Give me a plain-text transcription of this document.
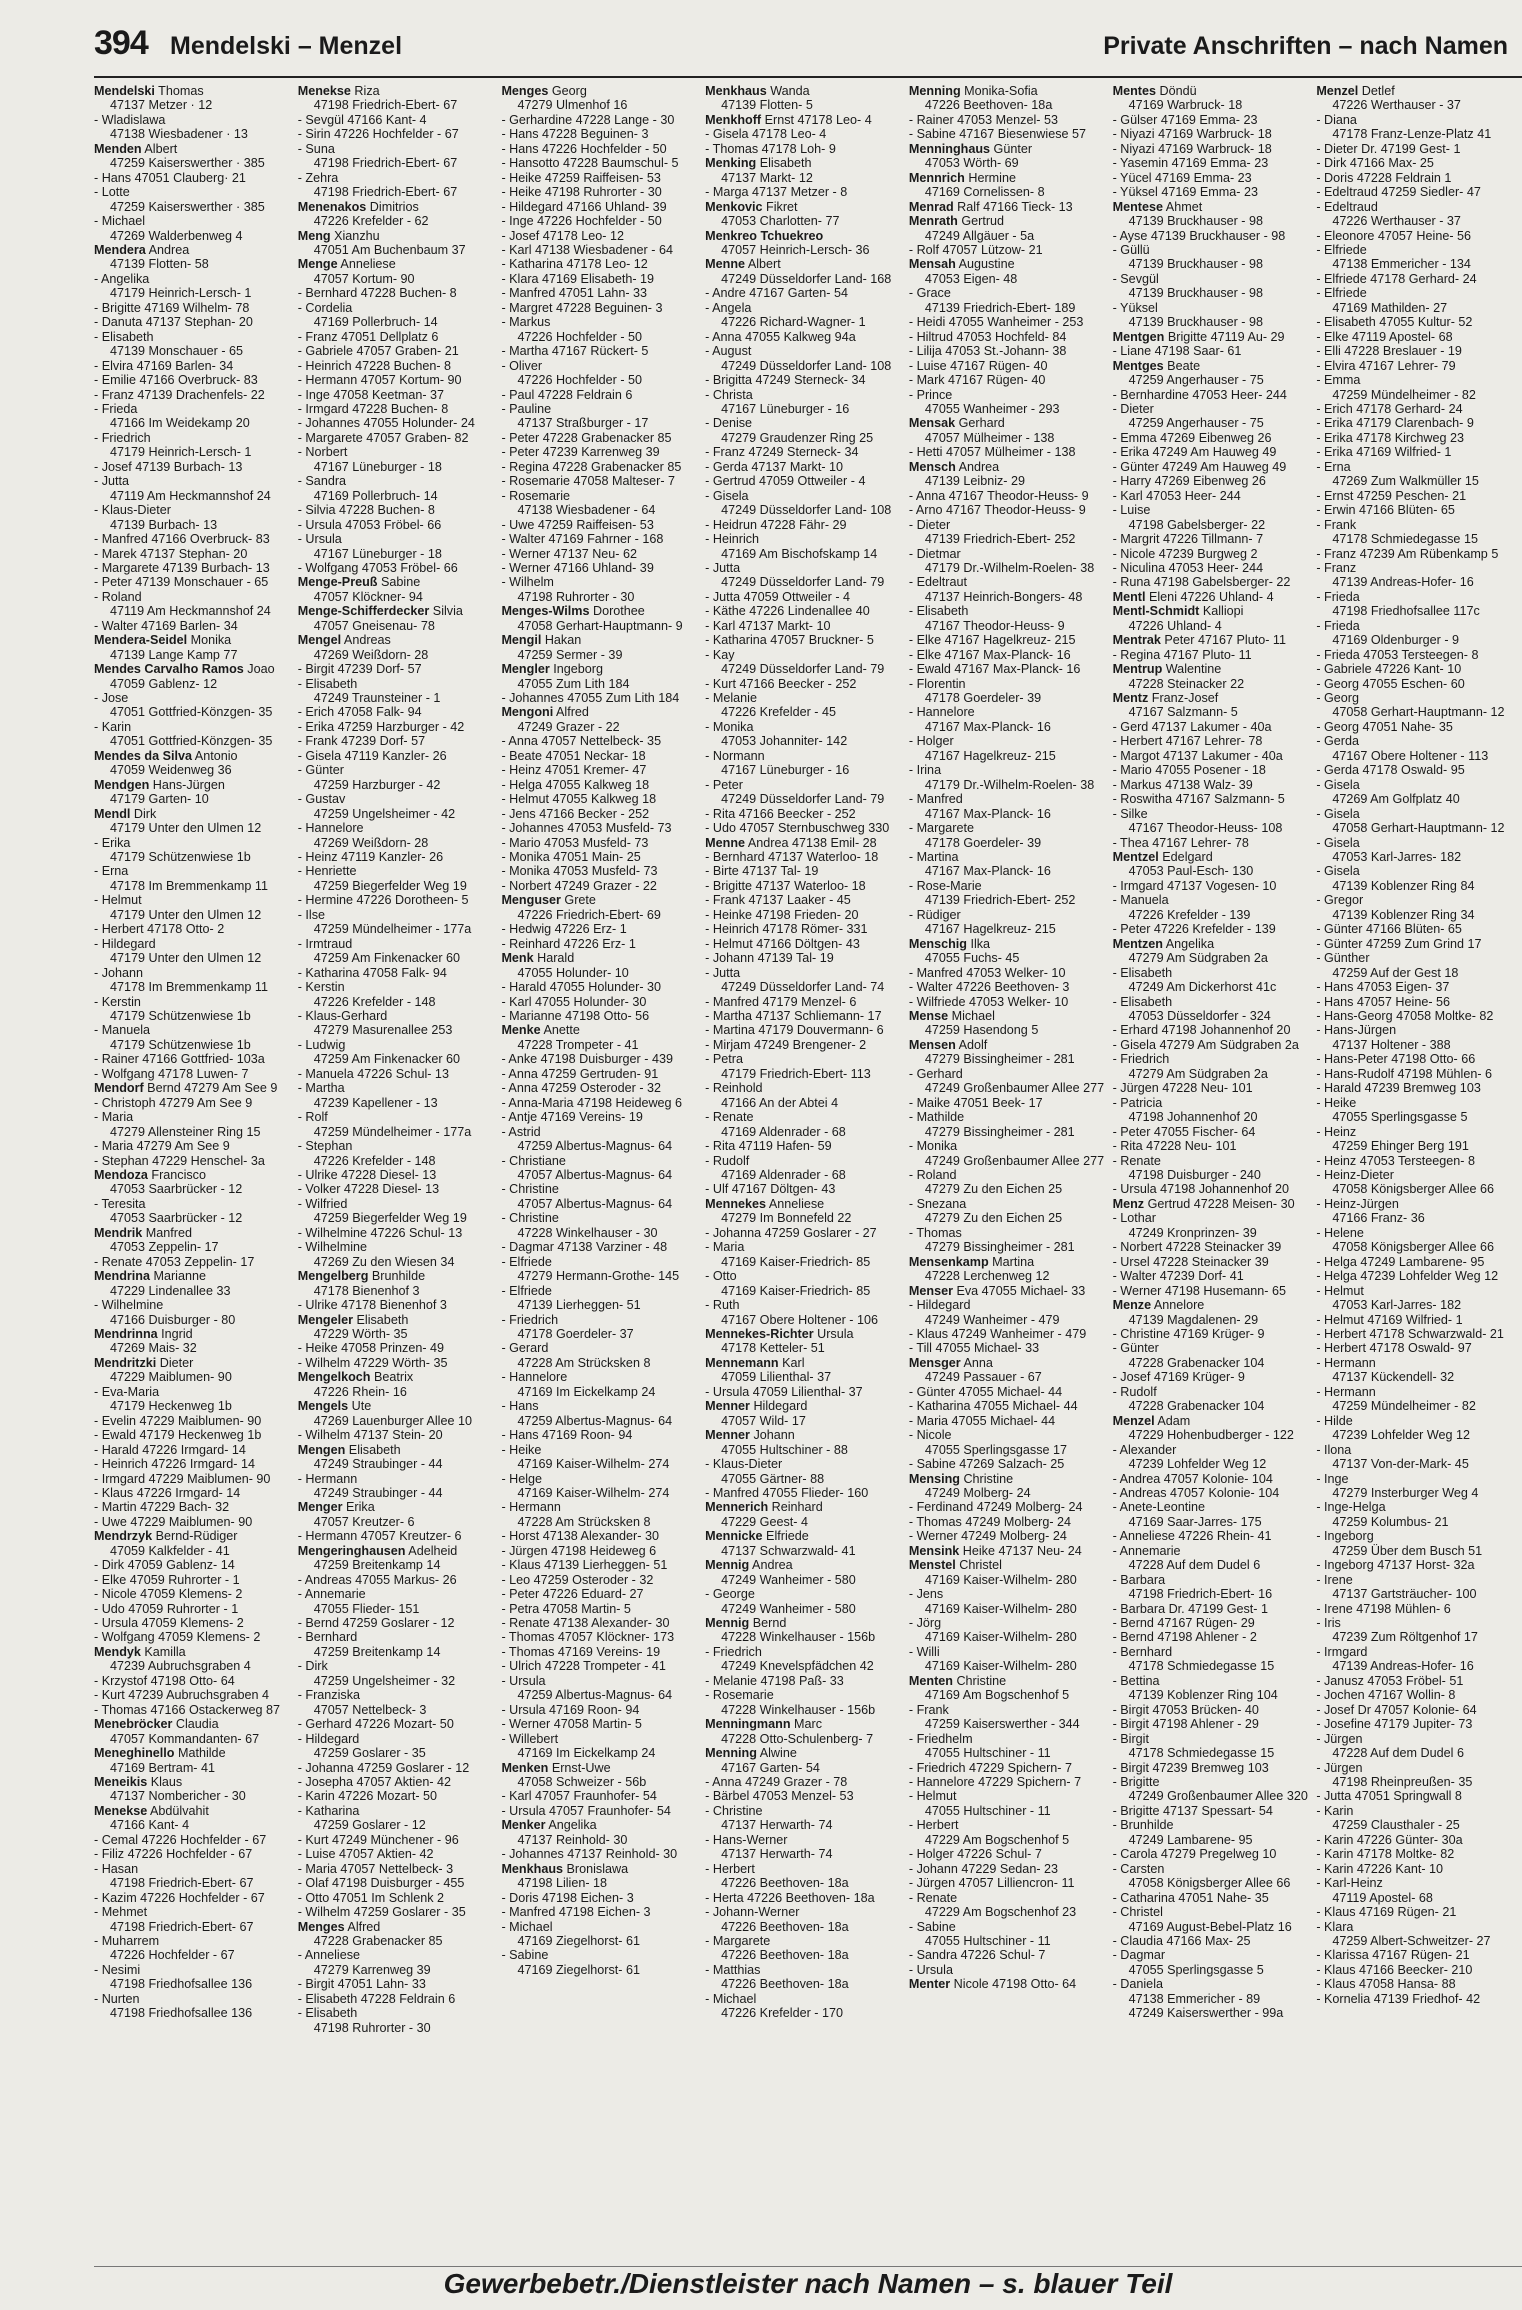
394 Mendelski – Menzel	Private Anschriften – nach Namen
Mendelski Thomas
47137 Metzer · 12
- Wladislawa
47138 Wiesbadener · 13
Menden Albert
47259 Kaiserswerther · 385
- Hans 47051 Clauberg· 21
- Lotte
47259 Kaiserswerther · 385
- Michael
47269 Walderbenweg 4
Mendera Andrea
47139 Flotten- 58
- Angelika
47179 Heinrich-Lersch- 1
- Brigitte 47169 Wilhelm- 78
- Danuta 47137 Stephan- 20
- Elisabeth
47139 Monschauer - 65
- Elvira 47169 Barlen- 34
- Emilie 47166 Overbruck- 83
- Franz 47139 Drachenfels- 22
- Frieda
47166 Im Weidekamp 20
- Friedrich
47179 Heinrich-Lersch- 1
- Josef 47139 Burbach- 13
- Jutta
47119 Am Heckmannshof 24
- Klaus-Dieter
47139 Burbach- 13
- Manfred 47166 Overbruck- 83
- Marek 47137 Stephan- 20
- Margarete 47139 Burbach- 13
- Peter 47139 Monschauer - 65
- Roland
47119 Am Heckmannshof 24
- Walter 47169 Barlen- 34
Mendera-Seidel Monika
47139 Lange Kamp 77
Mendes Carvalho Ramos Joao
47059 Gablenz- 12
- Jose
47051 Gottfried-Könzgen- 35
- Karin
47051 Gottfried-Könzgen- 35
Mendes da Silva Antonio
47059 Weidenweg 36
Mendgen Hans-Jürgen
47179 Garten- 10
Mendl Dirk
47179 Unter den Ulmen 12
- Erika
47179 Schützenwiese 1b
- Erna
47178 Im Bremmenkamp 11
- Helmut
47179 Unter den Ulmen 12
- Herbert 47178 Otto- 2
- Hildegard
47179 Unter den Ulmen 12
- Johann
47178 Im Bremmenkamp 11
- Kerstin
47179 Schützenwiese 1b
- Manuela
47179 Schützenwiese 1b
- Rainer 47166 Gottfried- 103a
- Wolfgang 47178 Luwen- 7
Mendorf Bernd 47279 Am See 9
- Christoph 47279 Am See 9
- Maria
47279 Allensteiner Ring 15
- Maria 47279 Am See 9
- Stephan 47229 Henschel- 3a
Mendoza Francisco
47053 Saarbrücker - 12
- Teresita
47053 Saarbrücker - 12
Mendrik Manfred
47053 Zeppelin- 17
- Renate 47053 Zeppelin- 17
Mendrina Marianne
47229 Lindenallee 33
- Wilhelmine
47166 Duisburger - 80
Mendrinna Ingrid
47269 Mais- 32
Mendritzki Dieter
47229 Maiblumen- 90
- Eva-Maria
47179 Heckenweg 1b
- Evelin 47229 Maiblumen- 90
- Ewald 47179 Heckenweg 1b
- Harald 47226 Irmgard- 14
- Heinrich 47226 Irmgard- 14
- Irmgard 47229 Maiblumen- 90
- Klaus 47226 Irmgard- 14
- Martin 47229 Bach- 32
- Uwe 47229 Maiblumen- 90
Mendrzyk Bernd-Rüdiger
47059 Kalkfelder - 41
- Dirk 47059 Gablenz- 14
- Elke 47059 Ruhrorter - 1
- Nicole 47059 Klemens- 2
- Udo 47059 Ruhrorter - 1
- Ursula 47059 Klemens- 2
- Wolfgang 47059 Klemens- 2
Mendyk Kamilla
47239 Aubruchsgraben 4
- Krzystof 47198 Otto- 64
- Kurt 47239 Aubruchsgraben 4
- Thomas 47166 Ostackerweg 87
Menebröcker Claudia
47057 Kommandanten- 67
Meneghinello Mathilde
47169 Bertram- 41
Meneikis Klaus
47137 Nombericher - 30
Menekse Abdülvahit
47166 Kant- 4
- Cemal 47226 Hochfelder - 67
- Filiz 47226 Hochfelder - 67
- Hasan
47198 Friedrich-Ebert- 67
- Kazim 47226 Hochfelder - 67
- Mehmet
47198 Friedrich-Ebert- 67
- Muharrem
47226 Hochfelder - 67
- Nesimi
47198 Friedhofsallee 136
- Nurten
47198 Friedhofsallee 136
Menekse Riza
47198 Friedrich-Ebert- 67
- Sevgül 47166 Kant- 4
- Sirin 47226 Hochfelder - 67
- Suna
47198 Friedrich-Ebert- 67
- Zehra
47198 Friedrich-Ebert- 67
Menenakos Dimitrios
47226 Krefelder - 62
Meng Xianzhu
47051 Am Buchenbaum 37
Menge Anneliese
47057 Kortum- 90
- Bernhard 47228 Buchen- 8
- Cordelia
47169 Pollerbruch- 14
- Franz 47051 Dellplatz 6
- Gabriele 47057 Graben- 21
- Heinrich 47228 Buchen- 8
- Hermann 47057 Kortum- 90
- Inge 47058 Keetman- 37
- Irmgard 47228 Buchen- 8
- Johannes 47055 Holunder- 24
- Margarete 47057 Graben- 82
- Norbert
47167 Lüneburger - 18
- Sandra
47169 Pollerbruch- 14
- Silvia 47228 Buchen- 8
- Ursula 47053 Fröbel- 66
- Ursula
47167 Lüneburger - 18
- Wolfgang 47053 Fröbel- 66
Menge-Preuß Sabine
47057 Klöckner- 94
Menge-Schifferdecker Silvia
47057 Gneisenau- 78
Mengel Andreas
47269 Weißdorn- 28
- Birgit 47239 Dorf- 57
- Elisabeth
47249 Traunsteiner - 1
- Erich 47058 Falk- 94
- Erika 47259 Harzburger - 42
- Frank 47239 Dorf- 57
- Gisela 47119 Kanzler- 26
- Günter
47259 Harzburger - 42
- Gustav
47259 Ungelsheimer - 42
- Hannelore
47269 Weißdorn- 28
- Heinz 47119 Kanzler- 26
- Henriette
47259 Biegerfelder Weg 19
- Hermine 47226 Dorotheen- 5
- Ilse
47259 Mündelheimer - 177a
- Irmtraud
47259 Am Finkenacker 60
- Katharina 47058 Falk- 94
- Kerstin
47226 Krefelder - 148
- Klaus-Gerhard
47279 Masurenallee 253
- Ludwig
47259 Am Finkenacker 60
- Manuela 47226 Schul- 13
- Martha
47239 Kapellener - 13
- Rolf
47259 Mündelheimer - 177a
- Stephan
47226 Krefelder - 148
- Ulrike 47228 Diesel- 13
- Volker 47228 Diesel- 13
- Wilfried
47259 Biegerfelder Weg 19
- Wilhelmine 47226 Schul- 13
- Wilhelmine
47269 Zu den Wiesen 34
Mengelberg Brunhilde
47178 Bienenhof 3
- Ulrike 47178 Bienenhof 3
Mengeler Elisabeth
47229 Wörth- 35
- Heike 47058 Prinzen- 49
- Wilhelm 47229 Wörth- 35
Mengelkoch Beatrix
47226 Rhein- 16
Mengels Ute
47269 Lauenburger Allee 10
- Wilhelm 47137 Stein- 20
Mengen Elisabeth
47249 Straubinger - 44
- Hermann
47249 Straubinger - 44
Menger Erika
47057 Kreutzer- 6
- Hermann 47057 Kreutzer- 6
Mengeringhausen Adelheid
47259 Breitenkamp 14
- Andreas 47055 Markus- 26
- Annemarie
47055 Flieder- 151
- Bernd 47259 Goslarer - 12
- Bernhard
47259 Breitenkamp 14
- Dirk
47259 Ungelsheimer - 32
- Franziska
47057 Nettelbeck- 3
- Gerhard 47226 Mozart- 50
- Hildegard
47259 Goslarer - 35
- Johanna 47259 Goslarer - 12
- Josepha 47057 Aktien- 42
- Karin 47226 Mozart- 50
- Katharina
47259 Goslarer - 12
- Kurt 47249 Münchener - 96
- Luise 47057 Aktien- 42
- Maria 47057 Nettelbeck- 3
- Olaf 47198 Duisburger - 455
- Otto 47051 Im Schlenk 2
- Wilhelm 47259 Goslarer - 35
Menges Alfred
47228 Grabenacker 85
- Anneliese
47279 Karrenweg 39
- Birgit 47051 Lahn- 33
- Elisabeth 47228 Feldrain 6
- Elisabeth
47198 Ruhrorter - 30
Menges Georg
47279 Ulmenhof 16
- Gerhardine 47228 Lange - 30
- Hans 47228 Beguinen- 3
- Hans 47226 Hochfelder - 50
- Hansotto 47228 Baumschul- 5
- Heike 47259 Raiffeisen- 53
- Heike 47198 Ruhrorter - 30
- Hildegard 47166 Uhland- 39
- Inge 47226 Hochfelder - 50
- Josef 47178 Leo- 12
- Karl 47138 Wiesbadener - 64
- Katharina 47178 Leo- 12
- Klara 47169 Elisabeth- 19
- Manfred 47051 Lahn- 33
- Margret 47228 Beguinen- 3
- Markus
47226 Hochfelder - 50
- Martha 47167 Rückert- 5
- Oliver
47226 Hochfelder - 50
- Paul 47228 Feldrain 6
- Pauline
47137 Straßburger - 17
- Peter 47228 Grabenacker 85
- Peter 47239 Karrenweg 39
- Regina 47228 Grabenacker 85
- Rosemarie 47058 Malteser- 7
- Rosemarie
47138 Wiesbadener - 64
- Uwe 47259 Raiffeisen- 53
- Walter 47169 Fahrner - 168
- Werner 47137 Neu- 62
- Werner 47166 Uhland- 39
- Wilhelm
47198 Ruhrorter - 30
Menges-Wilms Dorothee
47058 Gerhart-Hauptmann- 9
Mengil Hakan
47259 Sermer - 39
Mengler Ingeborg
47055 Zum Lith 184
- Johannes 47055 Zum Lith 184
Mengoni Alfred
47249 Grazer - 22
- Anna 47057 Nettelbeck- 35
- Beate 47051 Neckar- 18
- Heinz 47051 Kremer- 47
- Helga 47055 Kalkweg 18
- Helmut 47055 Kalkweg 18
- Jens 47166 Becker - 252
- Johannes 47053 Musfeld- 73
- Mario 47053 Musfeld- 73
- Monika 47051 Main- 25
- Monika 47053 Musfeld- 73
- Norbert 47249 Grazer - 22
Menguser Grete
47226 Friedrich-Ebert- 69
- Hedwig 47226 Erz- 1
- Reinhard 47226 Erz- 1
Menk Harald
47055 Holunder- 10
- Harald 47055 Holunder- 30
- Karl 47055 Holunder- 30
- Marianne 47198 Otto- 56
Menke Anette
47228 Trompeter - 41
- Anke 47198 Duisburger - 439
- Anna 47259 Gertruden- 91
- Anna 47259 Osteroder - 32
- Anna-Maria 47198 Heideweg 6
- Antje 47169 Vereins- 19
- Astrid
47259 Albertus-Magnus- 64
- Christiane
47057 Albertus-Magnus- 64
- Christine
47057 Albertus-Magnus- 64
- Christine
47228 Winkelhauser - 30
- Dagmar 47138 Varziner - 48
- Elfriede
47279 Hermann-Grothe- 145
- Elfriede
47139 Lierheggen- 51
- Friedrich
47178 Goerdeler- 37
- Gerard
47228 Am Strücksken 8
- Hannelore
47169 Im Eickelkamp 24
- Hans
47259 Albertus-Magnus- 64
- Hans 47169 Roon- 94
- Heike
47169 Kaiser-Wilhelm- 274
- Helge
47169 Kaiser-Wilhelm- 274
- Hermann
47228 Am Strücksken 8
- Horst 47138 Alexander- 30
- Jürgen 47198 Heideweg 6
- Klaus 47139 Lierheggen- 51
- Leo 47259 Osteroder - 32
- Peter 47226 Eduard- 27
- Petra 47058 Martin- 5
- Renate 47138 Alexander- 30
- Thomas 47057 Klöckner- 173
- Thomas 47169 Vereins- 19
- Ulrich 47228 Trompeter - 41
- Ursula
47259 Albertus-Magnus- 64
- Ursula 47169 Roon- 94
- Werner 47058 Martin- 5
- Willebert
47169 Im Eickelkamp 24
Menken Ernst-Uwe
47058 Schweizer - 56b
- Karl 47057 Fraunhofer- 54
- Ursula 47057 Fraunhofer- 54
Menker Angelika
47137 Reinhold- 30
- Johannes 47137 Reinhold- 30
Menkhaus Bronislawa
47198 Lilien- 18
- Doris 47198 Eichen- 3
- Manfred 47198 Eichen- 3
- Michael
47169 Ziegelhorst- 61
- Sabine
47169 Ziegelhorst- 61
Menkhaus Wanda
47139 Flotten- 5
Menkhoff Ernst 47178 Leo- 4
- Gisela 47178 Leo- 4
- Thomas 47178 Loh- 9
Menking Elisabeth
47137 Markt- 12
- Marga 47137 Metzer - 8
Menkovic Fikret
47053 Charlotten- 77
Menkreo Tchuekreo
47057 Heinrich-Lersch- 36
Menne Albert
47249 Düsseldorfer Land- 168
- Andre 47167 Garten- 54
- Angela
47226 Richard-Wagner- 1
- Anna 47055 Kalkweg 94a
- August
47249 Düsseldorfer Land- 108
- Brigitta 47249 Sterneck- 34
- Christa
47167 Lüneburger - 16
- Denise
47279 Graudenzer Ring 25
- Franz 47249 Sterneck- 34
- Gerda 47137 Markt- 10
- Gertrud 47059 Ottweiler - 4
- Gisela
47249 Düsseldorfer Land- 108
- Heidrun 47228 Fähr- 29
- Heinrich
47169 Am Bischofskamp 14
- Jutta
47249 Düsseldorfer Land- 79
- Jutta 47059 Ottweiler - 4
- Käthe 47226 Lindenallee 40
- Karl 47137 Markt- 10
- Katharina 47057 Bruckner- 5
- Kay
47249 Düsseldorfer Land- 79
- Kurt 47166 Beecker - 252
- Melanie
47226 Krefelder - 45
- Monika
47053 Johanniter- 142
- Normann
47167 Lüneburger - 16
- Peter
47249 Düsseldorfer Land- 79
- Rita 47166 Beecker - 252
- Udo 47057 Sternbuschweg 330
Menne Andrea 47138 Emil- 28
- Bernhard 47137 Waterloo- 18
- Birte 47137 Tal- 19
- Brigitte 47137 Waterloo- 18
- Frank 47137 Laaker - 45
- Heinke 47198 Frieden- 20
- Heinrich 47178 Römer- 331
- Helmut 47166 Döltgen- 43
- Johann 47139 Tal- 19
- Jutta
47249 Düsseldorfer Land- 74
- Manfred 47179 Menzel- 6
- Martha 47137 Schliemann- 17
- Martina 47179 Douvermann- 6
- Mirjam 47249 Brengener- 2
- Petra
47179 Friedrich-Ebert- 113
- Reinhold
47166 An der Abtei 4
- Renate
47169 Aldenrader - 68
- Rita 47119 Hafen- 59
- Rudolf
47169 Aldenrader - 68
- Ulf 47167 Döltgen- 43
Mennekes Anneliese
47279 Im Bonnefeld 22
- Johanna 47259 Goslarer - 27
- Maria
47169 Kaiser-Friedrich- 85
- Otto
47169 Kaiser-Friedrich- 85
- Ruth
47167 Obere Holtener - 106
Mennekes-Richter Ursula
47178 Ketteler- 51
Mennemann Karl
47059 Lilienthal- 37
- Ursula 47059 Lilienthal- 37
Menner Hildegard
47057 Wild- 17
Menner Johann
47055 Hultschiner - 88
- Klaus-Dieter
47055 Gärtner- 88
- Manfred 47055 Flieder- 160
Mennerich Reinhard
47229 Geest- 4
Mennicke Elfriede
47137 Schwarzwald- 41
Mennig Andrea
47249 Wanheimer - 580
- George
47249 Wanheimer - 580
Mennig Bernd
47228 Winkelhauser - 156b
- Friedrich
47249 Knevelspfädchen 42
- Melanie 47198 Paß- 33
- Rosemarie
47228 Winkelhauser - 156b
Menningmann Marc
47228 Otto-Schulenberg- 7
Menning Alwine
47167 Garten- 54
- Anna 47249 Grazer - 78
- Bärbel 47053 Menzel- 53
- Christine
47137 Herwarth- 74
- Hans-Werner
47137 Herwarth- 74
- Herbert
47226 Beethoven- 18a
- Herta 47226 Beethoven- 18a
- Johann-Werner
47226 Beethoven- 18a
- Margarete
47226 Beethoven- 18a
- Matthias
47226 Beethoven- 18a
- Michael
47226 Krefelder - 170
Menning Monika-Sofia
47226 Beethoven- 18a
- Rainer 47053 Menzel- 53
- Sabine 47167 Biesenwiese 57
Menninghaus Günter
47053 Wörth- 69
Mennrich Hermine
47169 Cornelissen- 8
Menrad Ralf 47166 Tieck- 13
Menrath Gertrud
47249 Allgäuer - 5a
- Rolf 47057 Lützow- 21
Mensah Augustine
47053 Eigen- 48
- Grace
47139 Friedrich-Ebert- 189
- Heidi 47055 Wanheimer - 253
- Hiltrud 47053 Hochfeld- 84
- Lilija 47053 St.-Johann- 38
- Luise 47167 Rügen- 40
- Mark 47167 Rügen- 40
- Prince
47055 Wanheimer - 293
Mensak Gerhard
47057 Mülheimer - 138
- Hetti 47057 Mülheimer - 138
Mensch Andrea
47139 Leibniz- 29
- Anna 47167 Theodor-Heuss- 9
- Arno 47167 Theodor-Heuss- 9
- Dieter
47139 Friedrich-Ebert- 252
- Dietmar
47179 Dr.-Wilhelm-Roelen- 38
- Edeltraut
47137 Heinrich-Bongers- 48
- Elisabeth
47167 Theodor-Heuss- 9
- Elke 47167 Hagelkreuz- 215
- Elke 47167 Max-Planck- 16
- Ewald 47167 Max-Planck- 16
- Florentin
47178 Goerdeler- 39
- Hannelore
47167 Max-Planck- 16
- Holger
47167 Hagelkreuz- 215
- Irina
47179 Dr.-Wilhelm-Roelen- 38
- Manfred
47167 Max-Planck- 16
- Margarete
47178 Goerdeler- 39
- Martina
47167 Max-Planck- 16
- Rose-Marie
47139 Friedrich-Ebert- 252
- Rüdiger
47167 Hagelkreuz- 215
Menschig Ilka
47055 Fuchs- 45
- Manfred 47053 Welker- 10
- Walter 47226 Beethoven- 3
- Wilfriede 47053 Welker- 10
Mense Michael
47259 Hasendong 5
Mensen Adolf
47279 Bissingheimer - 281
- Gerhard
47249 Großenbaumer Allee 277
- Maike 47051 Beek- 17
- Mathilde
47279 Bissingheimer - 281
- Monika
47249 Großenbaumer Allee 277
- Roland
47279 Zu den Eichen 25
- Snezana
47279 Zu den Eichen 25
- Thomas
47279 Bissingheimer - 281
Mensenkamp Martina
47228 Lerchenweg 12
Menser Eva 47055 Michael- 33
- Hildegard
47249 Wanheimer - 479
- Klaus 47249 Wanheimer - 479
- Till 47055 Michael- 33
Mensger Anna
47249 Passauer - 67
- Günter 47055 Michael- 44
- Katharina 47055 Michael- 44
- Maria 47055 Michael- 44
- Nicole
47055 Sperlingsgasse 17
- Sabine 47269 Salzach- 25
Mensing Christine
47249 Molberg- 24
- Ferdinand 47249 Molberg- 24
- Thomas 47249 Molberg- 24
- Werner 47249 Molberg- 24
Mensink Heike 47137 Neu- 24
Menstel Christel
47169 Kaiser-Wilhelm- 280
- Jens
47169 Kaiser-Wilhelm- 280
- Jörg
47169 Kaiser-Wilhelm- 280
- Willi
47169 Kaiser-Wilhelm- 280
Menten Christine
47169 Am Bogschenhof 5
- Frank
47259 Kaiserswerther - 344
- Friedhelm
47055 Hultschiner - 11
- Friedrich 47229 Spichern- 7
- Hannelore 47229 Spichern- 7
- Helmut
47055 Hultschiner - 11
- Herbert
47229 Am Bogschenhof 5
- Holger 47226 Schul- 7
- Johann 47229 Sedan- 23
- Jürgen 47057 Lilliencron- 11
- Renate
47229 Am Bogschenhof 23
- Sabine
47055 Hultschiner - 11
- Sandra 47226 Schul- 7
- Ursula
Menter Nicole 47198 Otto- 64
Mentes Döndü
47169 Warbruck- 18
- Gülser 47169 Emma- 23
- Niyazi 47169 Warbruck- 18
- Niyazi 47169 Warbruck- 18
- Yasemin 47169 Emma- 23
- Yücel 47169 Emma- 23
- Yüksel 47169 Emma- 23
Mentese Ahmet
47139 Bruckhauser - 98
- Ayse 47139 Bruckhauser - 98
- Güllü
47139 Bruckhauser - 98
- Sevgül
47139 Bruckhauser - 98
- Yüksel
47139 Bruckhauser - 98
Mentgen Brigitte 47119 Au- 29
- Liane 47198 Saar- 61
Mentges Beate
47259 Angerhauser - 75
- Bernhardine 47053 Heer- 244
- Dieter
47259 Angerhauser - 75
- Emma 47269 Eibenweg 26
- Erika 47249 Am Hauweg 49
- Günter 47249 Am Hauweg 49
- Harry 47269 Eibenweg 26
- Karl 47053 Heer- 244
- Luise
47198 Gabelsberger- 22
- Margrit 47226 Tillmann- 7
- Nicole 47239 Burgweg 2
- Niculina 47053 Heer- 244
- Runa 47198 Gabelsberger- 22
Mentl Eleni 47226 Uhland- 4
Mentl-Schmidt Kalliopi
47226 Uhland- 4
Mentrak Peter 47167 Pluto- 11
- Regina 47167 Pluto- 11
Mentrup Walentine
47228 Steinacker 22
Mentz Franz-Josef
47167 Salzmann- 5
- Gerd 47137 Lakumer - 40a
- Herbert 47167 Lehrer- 78
- Margot 47137 Lakumer - 40a
- Mario 47055 Posener - 18
- Markus 47138 Walz- 39
- Roswitha 47167 Salzmann- 5
- Silke
47167 Theodor-Heuss- 108
- Thea 47167 Lehrer- 78
Mentzel Edelgard
47053 Paul-Esch- 130
- Irmgard 47137 Vogesen- 10
- Manuela
47226 Krefelder - 139
- Peter 47226 Krefelder - 139
Mentzen Angelika
47279 Am Südgraben 2a
- Elisabeth
47249 Am Dickerhorst 41c
- Elisabeth
47053 Düsseldorfer - 324
- Erhard 47198 Johannenhof 20
- Gisela 47279 Am Südgraben 2a
- Friedrich
47279 Am Südgraben 2a
- Jürgen 47228 Neu- 101
- Patricia
47198 Johannenhof 20
- Peter 47055 Fischer- 64
- Rita 47228 Neu- 101
- Renate
47198 Duisburger - 240
- Ursula 47198 Johannenhof 20
Menz Gertrud 47228 Meisen- 30
- Lothar
47249 Kronprinzen- 39
- Norbert 47228 Steinacker 39
- Ursel 47228 Steinacker 39
- Walter 47239 Dorf- 41
- Werner 47198 Husemann- 65
Menze Annelore
47139 Magdalenen- 29
- Christine 47169 Krüger- 9
- Günter
47228 Grabenacker 104
- Josef 47169 Krüger- 9
- Rudolf
47228 Grabenacker 104
Menzel Adam
47229 Hohenbudberger - 122
- Alexander
47239 Lohfelder Weg 12
- Andrea 47057 Kolonie- 104
- Andreas 47057 Kolonie- 104
- Anete-Leontine
47169 Saar-Jarres- 175
- Anneliese 47226 Rhein- 41
- Annemarie
47228 Auf dem Dudel 6
- Barbara
47198 Friedrich-Ebert- 16
- Barbara Dr. 47199 Gest- 1
- Bernd 47167 Rügen- 29
- Bernd 47198 Ahlener - 2
- Bernhard
47178 Schmiedegasse 15
- Bettina
47139 Koblenzer Ring 104
- Birgit 47053 Brücken- 40
- Birgit 47198 Ahlener - 29
- Birgit
47178 Schmiedegasse 15
- Birgit 47239 Bremweg 103
- Brigitte
47249 Großenbaumer Allee 320
- Brigitte 47137 Spessart- 54
- Brunhilde
47249 Lambarene- 95
- Carola 47279 Pregelweg 10
- Carsten
47058 Königsberger Allee 66
- Catharina 47051 Nahe- 35
- Christel
47169 August-Bebel-Platz 16
- Claudia 47166 Max- 25
- Dagmar
47055 Sperlingsgasse 5
- Daniela
47138 Emmericher - 89
47249 Kaiserswerther - 99a
Menzel Detlef
47226 Werthauser - 37
- Diana
47178 Franz-Lenze-Platz 41
- Dieter Dr. 47199 Gest- 1
- Dirk 47166 Max- 25
- Doris 47228 Feldrain 1
- Edeltraud 47259 Siedler- 47
- Edeltraud
47226 Werthauser - 37
- Eleonore 47057 Heine- 56
- Elfriede
47138 Emmericher - 134
- Elfriede 47178 Gerhard- 24
- Elfriede
47169 Mathilden- 27
- Elisabeth 47055 Kultur- 52
- Elke 47119 Apostel- 68
- Elli 47228 Breslauer - 19
- Elvira 47167 Lehrer- 79
- Emma
47259 Mündelheimer - 82
- Erich 47178 Gerhard- 24
- Erika 47179 Clarenbach- 9
- Erika 47178 Kirchweg 23
- Erika 47169 Wilfried- 1
- Erna
47269 Zum Walkmüller 15
- Ernst 47259 Peschen- 21
- Erwin 47166 Blüten- 65
- Frank
47178 Schmiedegasse 15
- Franz 47239 Am Rübenkamp 5
- Franz
47139 Andreas-Hofer- 16
- Frieda
47198 Friedhofsallee 117c
- Frieda
47169 Oldenburger - 9
- Frieda 47053 Tersteegen- 8
- Gabriele 47226 Kant- 10
- Georg 47055 Eschen- 60
- Georg
47058 Gerhart-Hauptmann- 12
- Georg 47051 Nahe- 35
- Gerda
47167 Obere Holtener - 113
- Gerda 47178 Oswald- 95
- Gisela
47269 Am Golfplatz 40
- Gisela
47058 Gerhart-Hauptmann- 12
- Gisela
47053 Karl-Jarres- 182
- Gisela
47139 Koblenzer Ring 84
- Gregor
47139 Koblenzer Ring 34
- Günter 47166 Blüten- 65
- Günter 47259 Zum Grind 17
- Günther
47259 Auf der Gest 18
- Hans 47053 Eigen- 37
- Hans 47057 Heine- 56
- Hans-Georg 47058 Moltke- 82
- Hans-Jürgen
47137 Holtener - 388
- Hans-Peter 47198 Otto- 66
- Hans-Rudolf 47198 Mühlen- 6
- Harald 47239 Bremweg 103
- Heike
47055 Sperlingsgasse 5
- Heinz
47259 Ehinger Berg 191
- Heinz 47053 Tersteegen- 8
- Heinz-Dieter
47058 Königsberger Allee 66
- Heinz-Jürgen
47166 Franz- 36
- Helene
47058 Königsberger Allee 66
- Helga 47249 Lambarene- 95
- Helga 47239 Lohfelder Weg 12
- Helmut
47053 Karl-Jarres- 182
- Helmut 47169 Wilfried- 1
- Herbert 47178 Schwarzwald- 21
- Herbert 47178 Oswald- 97
- Hermann
47137 Kückendell- 32
- Hermann
47259 Mündelheimer - 82
- Hilde
47239 Lohfelder Weg 12
- Ilona
47137 Von-der-Mark- 45
- Inge
47279 Insterburger Weg 4
- Inge-Helga
47259 Kolumbus- 21
- Ingeborg
47259 Über dem Busch 51
- Ingeborg 47137 Horst- 32a
- Irene
47137 Gartsträucher- 100
- Irene 47198 Mühlen- 6
- Iris
47239 Zum Röltgenhof 17
- Irmgard
47139 Andreas-Hofer- 16
- Janusz 47053 Fröbel- 51
- Jochen 47167 Wollin- 8
- Josef Dr 47057 Kolonie- 64
- Josefine 47179 Jupiter- 73
- Jürgen
47228 Auf dem Dudel 6
- Jürgen
47198 Rheinpreußen- 35
- Jutta 47051 Springwall 8
- Karin
47259 Clausthaler - 25
- Karin 47226 Günter- 30a
- Karin 47178 Moltke- 82
- Karin 47226 Kant- 10
- Karl-Heinz
47119 Apostel- 68
- Klaus 47169 Rügen- 21
- Klara
47259 Albert-Schweitzer- 27
- Klarissa 47167 Rügen- 21
- Klaus 47166 Beecker- 210
- Klaus 47058 Hansa- 88
- Kornelia 47139 Friedhof- 42
Gewerbebetr./Dienstleister nach Namen – s. blauer Teil
